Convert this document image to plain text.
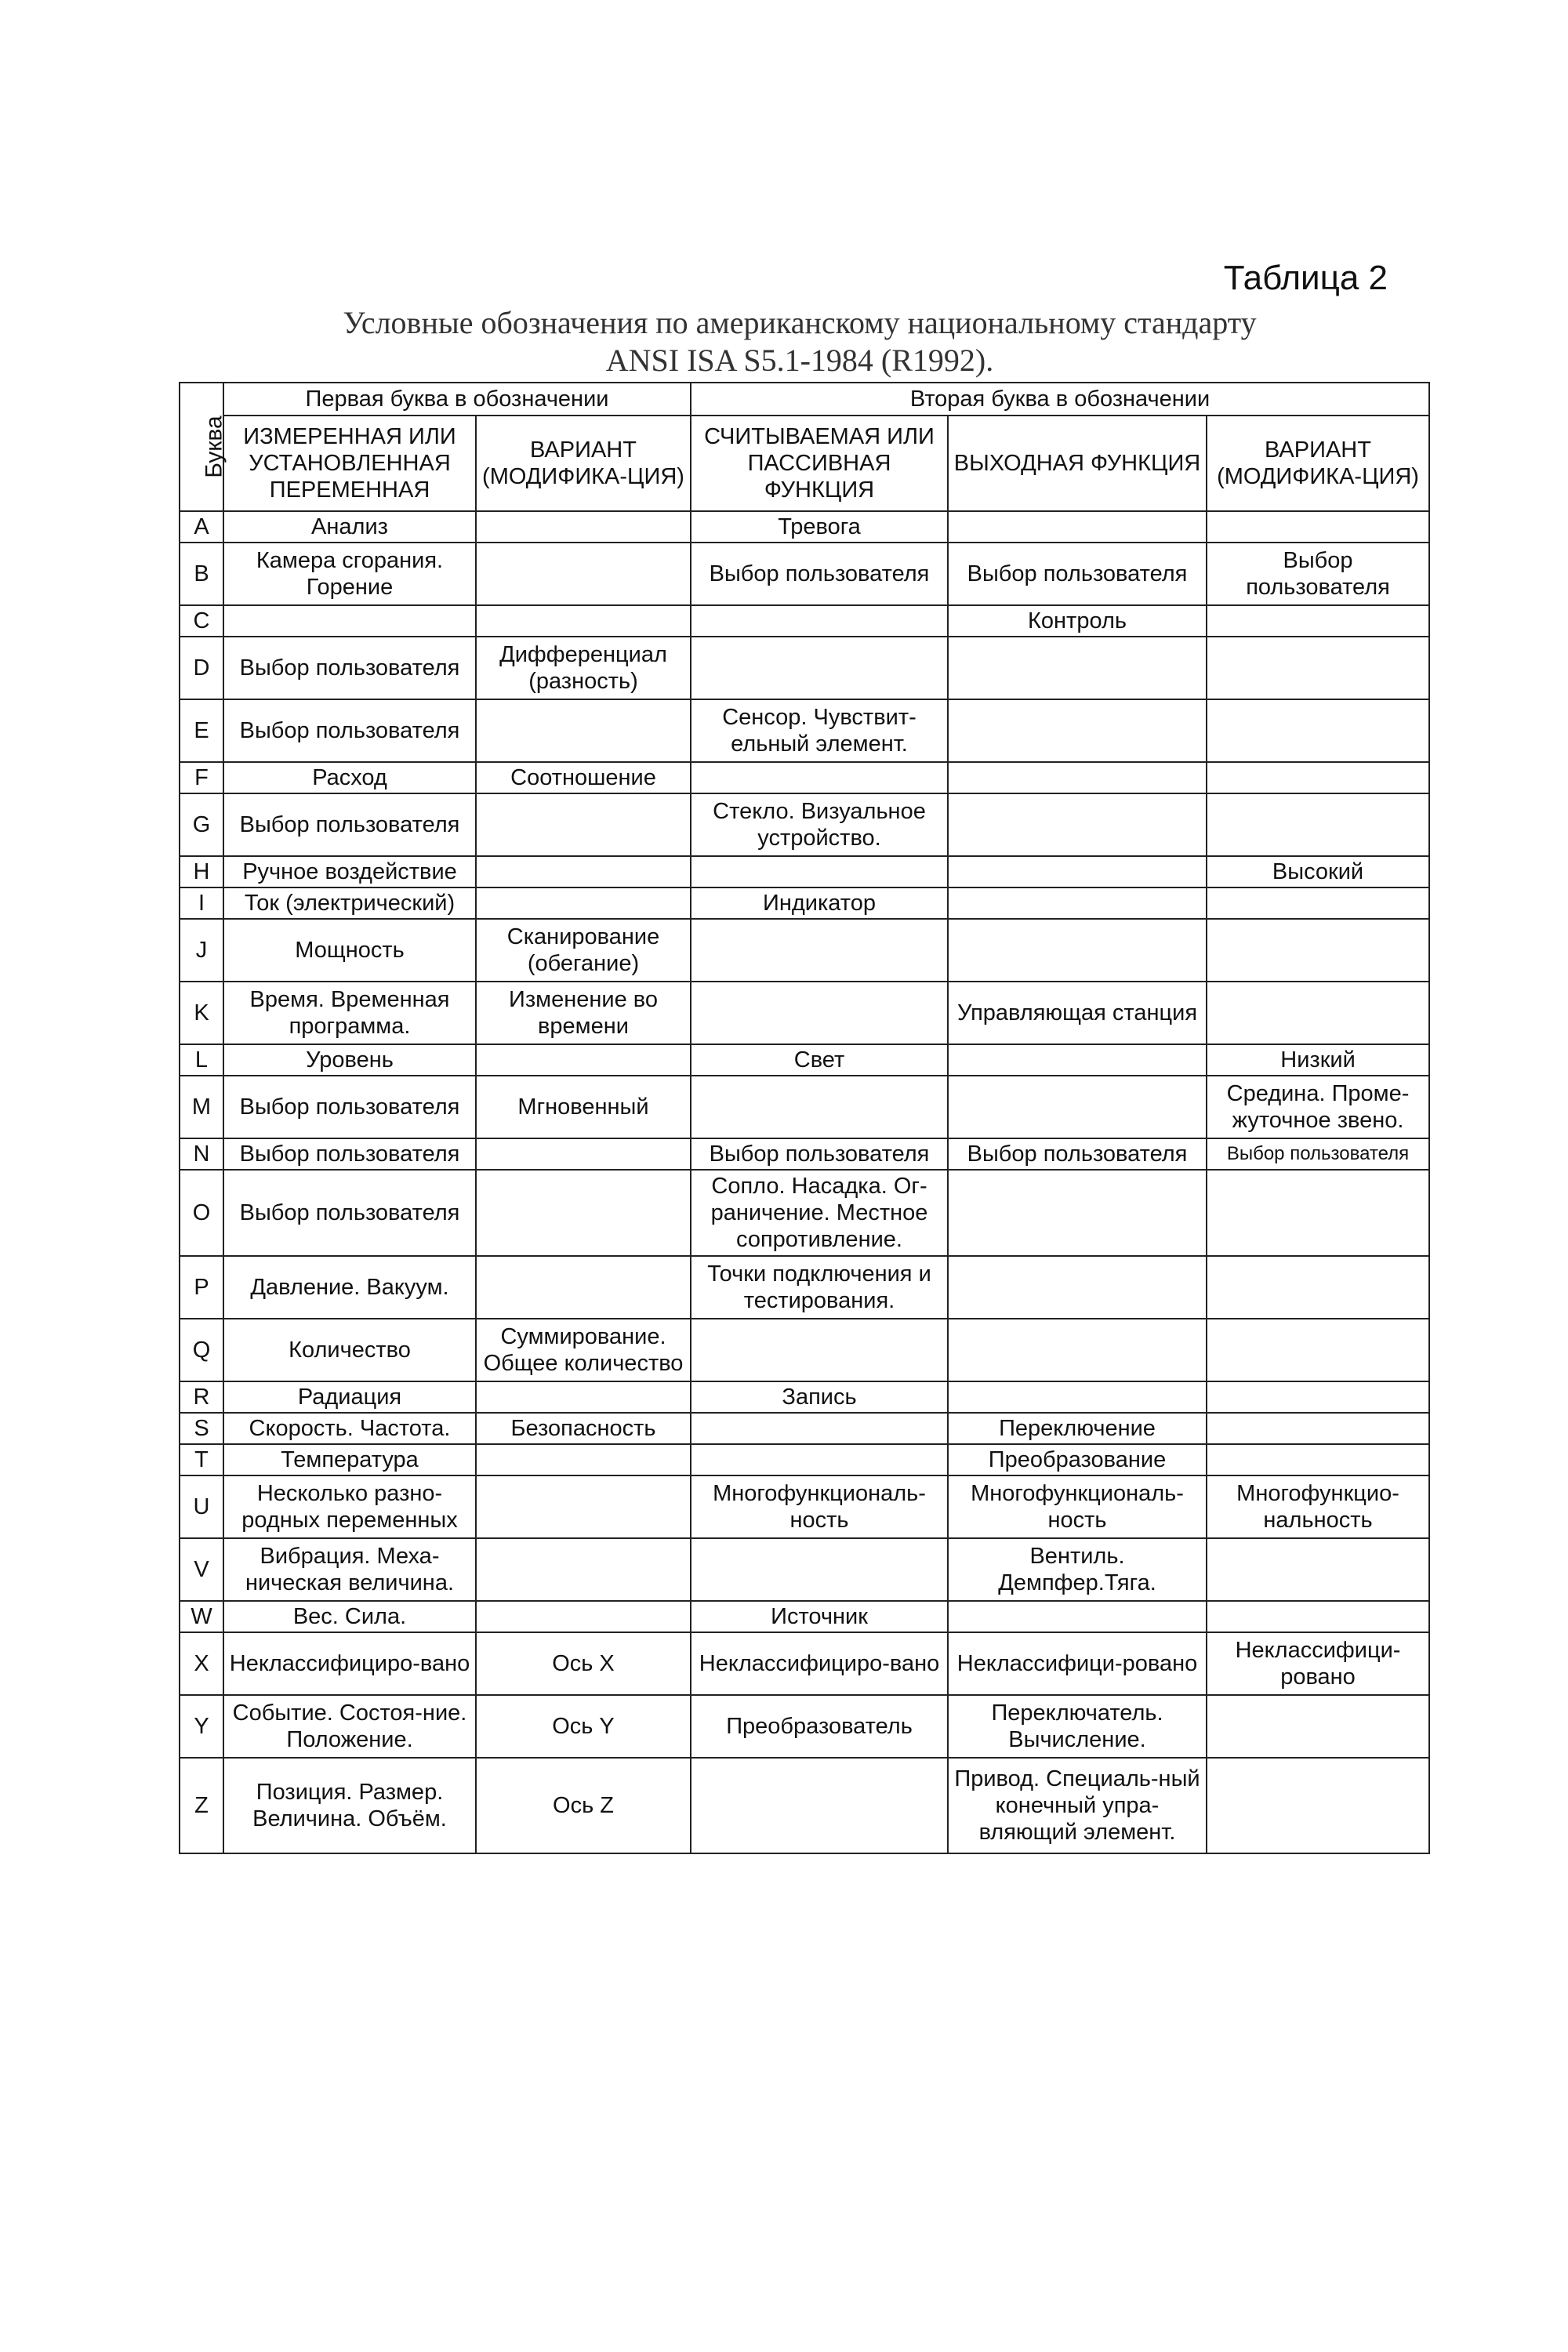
Таблица 2
Условные обозначения по американскому национальному стандарту
ANSI ISA S5.1-1984 (R1992).
Буква	Первая буква в обозначении		Вторая буква в обозначении		
	ИЗМЕРЕННАЯ ИЛИ УСТАНОВЛЕННАЯ ПЕРЕМЕННАЯ	ВАРИАНТ (МОДИФИКА-ЦИЯ)	СЧИТЫВАЕМАЯ ИЛИ ПАССИВНАЯ ФУНКЦИЯ	ВЫХОДНАЯ ФУНКЦИЯ	ВАРИАНТ (МОДИФИКА-ЦИЯ)
A	Анализ		Тревога		
B	Камера сгорания. Горение		Выбор пользователя	Выбор пользователя	Выбор пользователя
C				Контроль	
D	Выбор пользователя	Дифференциал (разность)			
E	Выбор пользователя		Сенсор. Чувствит-ельный элемент.		
F	Расход	Соотношение			
G	Выбор пользователя		Стекло. Визуальное устройство.		
H	Ручное воздействие				Высокий
I	Ток (электрический)		Индикатор		
J	Мощность	Сканирование (обегание)			
K	Время. Временная программа.	Изменение во времени		Управляющая станция	
L	Уровень		Свет		Низкий
M	Выбор пользователя	Мгновенный			Средина. Проме-жуточное звено.
N	Выбор пользователя		Выбор пользователя	Выбор пользователя	Выбор пользователя
O	Выбор пользователя		Сопло. Насадка. Ог-раничение. Местное сопротивление.		
P	Давление. Вакуум.		Точки подключения и тестирования.		
Q	Количество	Суммирование. Общее количество			
R	Радиация		Запись		
S	Скорость. Частота.	Безопасность		Переключение	
T	Температура			Преобразование	
U	Несколько разно-родных переменных		Многофункциональ-ность	Многофункциональ-ность	Многофункцио-нальность
V	Вибрация. Меха-ническая величина.			Вентиль. Демпфер.Тяга.	
W	Вес. Сила.		Источник		
X	Неклассифициро-вано	Ось X	Неклассифициро-вано	Неклассифици-ровано	Неклассифици-ровано
Y	Событие. Состоя-ние. Положение.	Ось Y	Преобразователь	Переключатель. Вычисление.	
Z	Позиция. Размер. Величина. Объём.	Ось Z		Привод. Специаль-ный конечный упра-вляющий элемент.	
